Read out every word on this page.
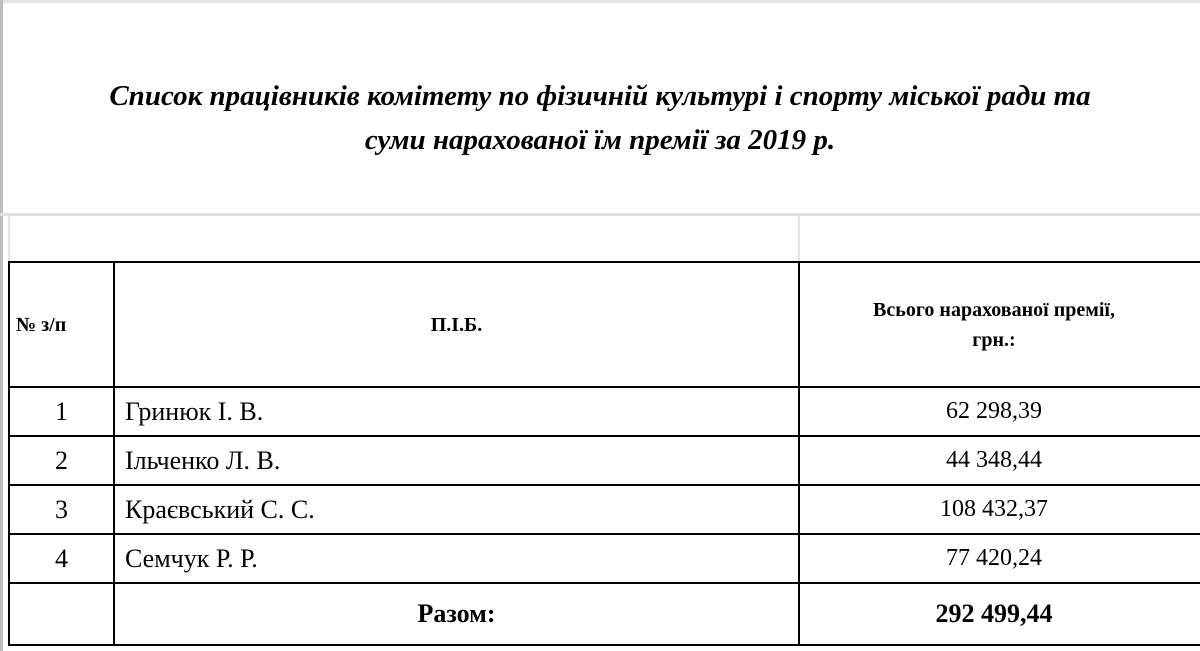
Список працівників комітету по фізичній культурі і спорту міської ради та
суми нарахованої їм премії за 2019 р.
№ з/п	П.І.Б.	Всього нарахованої премії,
грн.:
1	Гринюк І. В.	62 298,39
2	Ільченко Л. В.	44 348,44
3	Краєвський С. С.	108 432,37
4	Семчук Р. Р.	77 420,24
	Разом:	292 499,44
